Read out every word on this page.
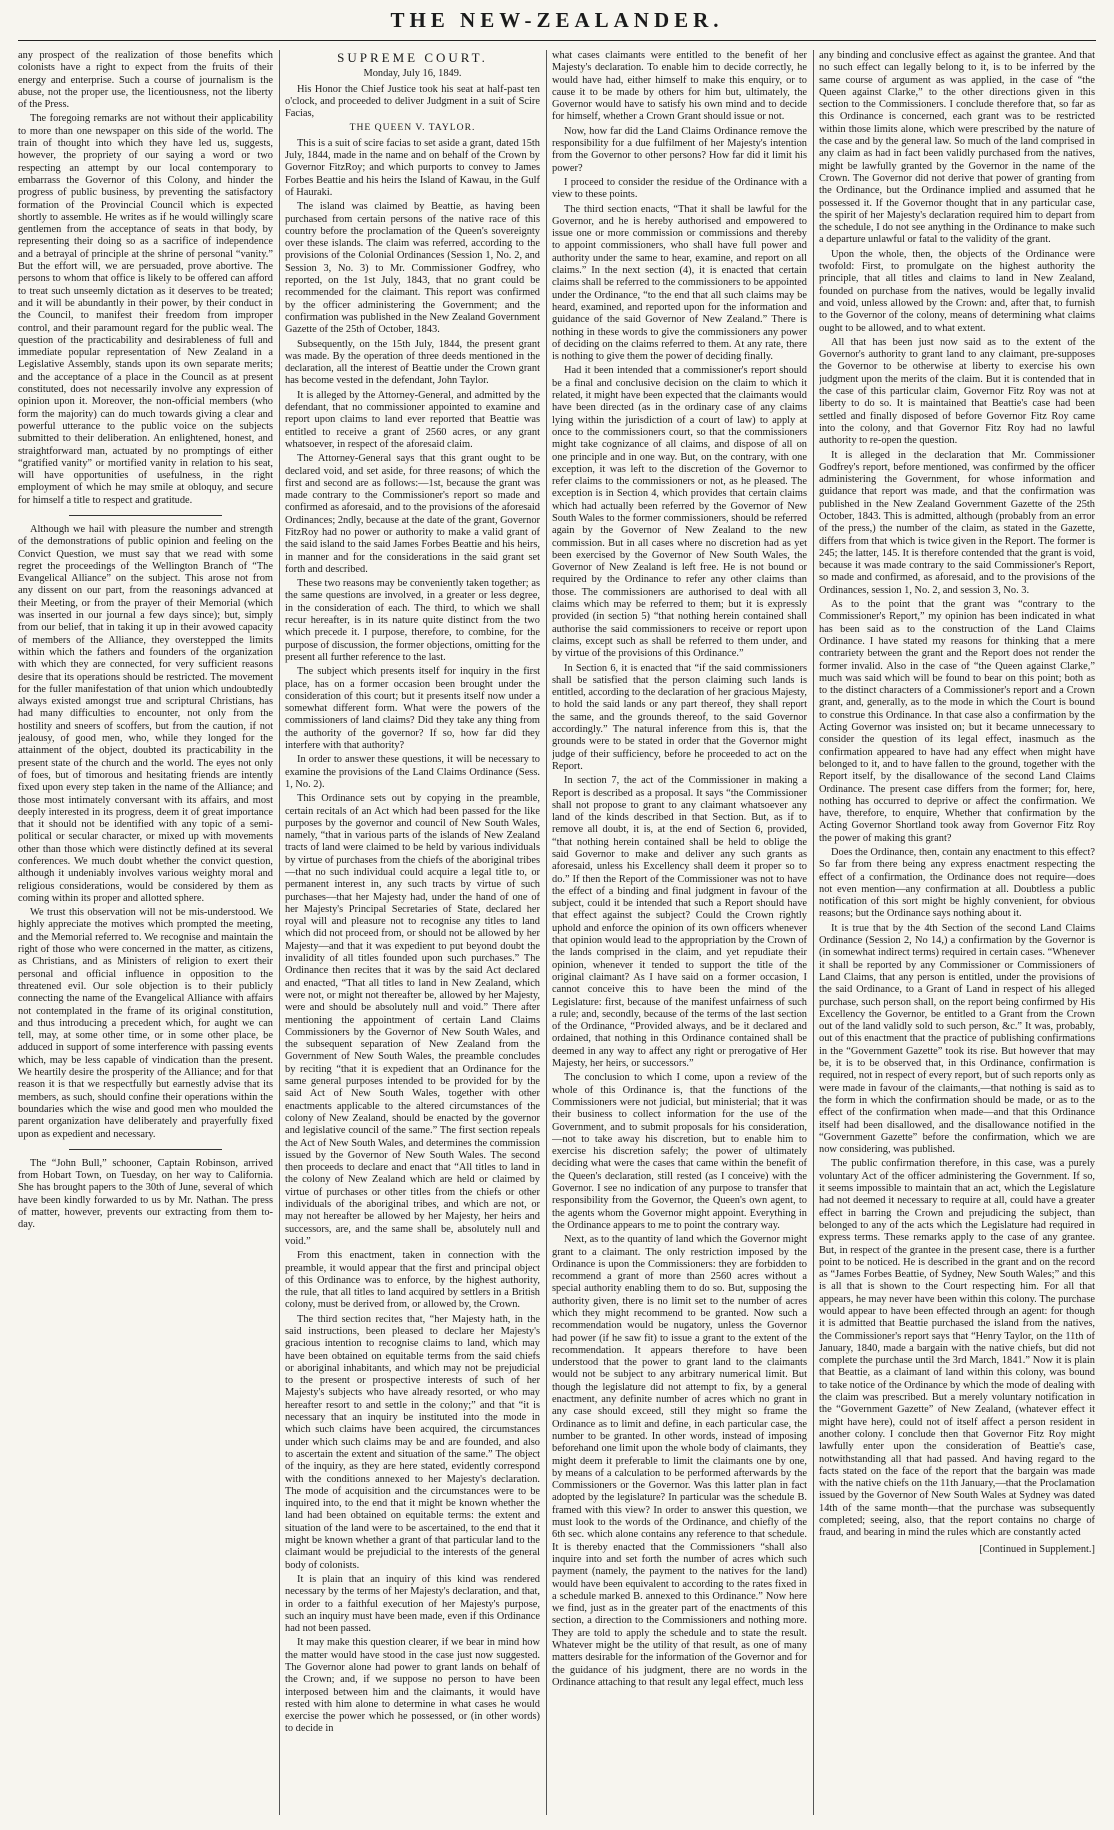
THE NEW-ZEALANDER.

any prospect of the realization of those benefits which colonists have a right to expect from the fruits of their energy and enterprise. Such a course of journalism is the abuse, not the proper use, the licentiousness, not the liberty of the Press.

The foregoing remarks are not without their applicability to more than one newspaper on this side of the world. The train of thought into which they have led us, suggests, however, the propriety of our saying a word or two respecting an attempt by our local contemporary to embarrass the Governor of this Colony, and hinder the progress of public business, by preventing the satisfactory formation of the Provincial Council which is expected shortly to assemble. He writes as if he would willingly scare gentlemen from the acceptance of seats in that body, by representing their doing so as a sacrifice of independence and a betrayal of principle at the shrine of personal “vanity.” But the effort will, we are persuaded, prove abortive. The persons to whom that office is likely to be offered can afford to treat such unseemly dictation as it deserves to be treated; and it will be abundantly in their power, by their conduct in the Council, to manifest their freedom from improper control, and their paramount regard for the public weal. The question of the practicability and desirableness of full and immediate popular representation of New Zealand in a Legislative Assembly, stands upon its own separate merits; and the acceptance of a place in the Council as at present constituted, does not necessarily involve any expression of opinion upon it. Moreover, the non-official members (who form the majority) can do much towards giving a clear and powerful utterance to the public voice on the subjects submitted to their deliberation. An enlightened, honest, and straightforward man, actuated by no promptings of either “gratified vanity” or mortified vanity in relation to his seat, will have opportunities of usefulness, in the right employment of which he may smile at obloquy, and secure for himself a title to respect and gratitude.

Although we hail with pleasure the number and strength of the demonstrations of public opinion and feeling on the Convict Question, we must say that we read with some regret the proceedings of the Wellington Branch of “The Evangelical Alliance” on the subject. This arose not from any dissent on our part, from the reasonings advanced at their Meeting, or from the prayer of their Memorial (which was inserted in our journal a few days since); but, simply from our belief, that in taking it up in their avowed capacity of members of the Alliance, they overstepped the limits within which the fathers and founders of the organization with which they are connected, for very sufficient reasons desire that its operations should be restricted. The movement for the fuller manifestation of that union which undoubtedly always existed amongst true and scriptural Christians, has had many difficulties to encounter, not only from the hostility and sneers of scoffers, but from the caution, if not jealousy, of good men, who, while they longed for the attainment of the object, doubted its practicability in the present state of the church and the world. The eyes not only of foes, but of timorous and hesitating friends are intently fixed upon every step taken in the name of the Alliance; and those most intimately conversant with its affairs, and most deeply interested in its progress, deem it of great importance that it should not be identified with any topic of a semi-political or secular character, or mixed up with movements other than those which were distinctly defined at its several conferences. We much doubt whether the convict question, although it undeniably involves various weighty moral and religious considerations, would be considered by them as coming within its proper and allotted sphere.

We trust this observation will not be mis-understood. We highly appreciate the motives which prompted the meeting, and the Memorial referred to. We recognise and maintain the right of those who were concerned in the matter, as citizens, as Christians, and as Ministers of religion to exert their personal and official influence in opposition to the threatened evil. Our sole objection is to their publicly connecting the name of the Evangelical Alliance with affairs not contemplated in the frame of its original constitution, and thus introducing a precedent which, for aught we can tell, may, at some other time, or in some other place, be adduced in support of some interference with passing events which, may be less capable of vindication than the present. We heartily desire the prosperity of the Alliance; and for that reason it is that we respectfully but earnestly advise that its members, as such, should confine their operations within the boundaries which the wise and good men who moulded the parent organization have deliberately and prayerfully fixed upon as expedient and necessary.

The “John Bull,” schooner, Captain Robinson, arrived from Hobart Town, on Tuesday, on her way to California. She has brought papers to the 30th of June, several of which have been kindly forwarded to us by Mr. Nathan. The press of matter, however, prevents our extracting from them to-day.

SUPREME COURT.
Monday, July 16, 1849.

His Honor the Chief Justice took his seat at half-past ten o'clock, and proceeded to deliver Judgment in a suit of Scire Facias,

THE QUEEN V. TAYLOR.

This is a suit of scire facias to set aside a grant, dated 15th July, 1844, made in the name and on behalf of the Crown by Governor FitzRoy; and which purports to convey to James Forbes Beattie and his heirs the Island of Kawau, in the Gulf of Hauraki.

The island was claimed by Beattie, as having been purchased from certain persons of the native race of this country before the proclamation of the Queen's sovereignty over these islands. The claim was referred, according to the provisions of the Colonial Ordinances (Session 1, No. 2, and Session 3, No. 3) to Mr. Commissioner Godfrey, who reported, on the 1st July, 1843, that no grant could be recommended for the claimant. This report was confirmed by the officer administering the Government; and the confirmation was published in the New Zealand Government Gazette of the 25th of October, 1843.

Subsequently, on the 15th July, 1844, the present grant was made. By the operation of three deeds mentioned in the declaration, all the interest of Beattie under the Crown grant has become vested in the defendant, John Taylor.

It is alleged by the Attorney-General, and admitted by the defendant, that no commissioner appointed to examine and report upon claims to land ever reported that Beattie was entitled to receive a grant of 2560 acres, or any grant whatsoever, in respect of the aforesaid claim.

The Attorney-General says that this grant ought to be declared void, and set aside, for three reasons; of which the first and second are as follows:—1st, because the grant was made contrary to the Commissioner's report so made and confirmed as aforesaid, and to the provisions of the aforesaid Ordinances; 2ndly, because at the date of the grant, Governor FitzRoy had no power or authority to make a valid grant of the said island to the said James Forbes Beattie and his heirs, in manner and for the considerations in the said grant set forth and described.

These two reasons may be conveniently taken together; as the same questions are involved, in a greater or less degree, in the consideration of each. The third, to which we shall recur hereafter, is in its nature quite distinct from the two which precede it. I purpose, therefore, to combine, for the purpose of discussion, the former objections, omitting for the present all further reference to the last.

The subject which presents itself for inquiry in the first place, has on a former occasion been brought under the consideration of this court; but it presents itself now under a somewhat different form. What were the powers of the commissioners of land claims? Did they take any thing from the authority of the governor? If so, how far did they interfere with that authority?

In order to answer these questions, it will be necessary to examine the provisions of the Land Claims Ordinance (Sess. 1, No. 2).

This Ordinance sets out by copying in the preamble, certain recitals of an Act which had been passed for the like purposes by the governor and council of New South Wales, namely, “that in various parts of the islands of New Zealand tracts of land were claimed to be held by various individuals by virtue of purchases from the chiefs of the aboriginal tribes—that no such individual could acquire a legal title to, or permanent interest in, any such tracts by virtue of such purchases—that her Majesty had, under the hand of one of her Majesty's Principal Secretaries of State, declared her royal will and pleasure not to recognise any titles to land which did not proceed from, or should not be allowed by her Majesty—and that it was expedient to put beyond doubt the invalidity of all titles founded upon such purchases.” The Ordinance then recites that it was by the said Act declared and enacted, “That all titles to land in New Zealand, which were not, or might not thereafter be, allowed by her Majesty, were and should be absolutely null and void.” There after mentioning the appointment of certain Land Claims Commissioners by the Governor of New South Wales, and the subsequent separation of New Zealand from the Government of New South Wales, the preamble concludes by reciting “that it is expedient that an Ordinance for the same general purposes intended to be provided for by the said Act of New South Wales, together with other enactments applicable to the altered circumstances of the colony of New Zealand, should be enacted by the governor and legislative council of the same.” The first section repeals the Act of New South Wales, and determines the commission issued by the Governor of New South Wales. The second then proceeds to declare and enact that “All titles to land in the colony of New Zealand which are held or claimed by virtue of purchases or other titles from the chiefs or other individuals of the aboriginal tribes, and which are not, or may not hereafter be allowed by her Majesty, her heirs and successors, are, and the same shall be, absolutely null and void.”

From this enactment, taken in connection with the preamble, it would appear that the first and principal object of this Ordinance was to enforce, by the highest authority, the rule, that all titles to land acquired by settlers in a British colony, must be derived from, or allowed by, the Crown.

The third section recites that, “her Majesty hath, in the said instructions, been pleased to declare her Majesty's gracious intention to recognise claims to land, which may have been obtained on equitable terms from the said chiefs or aboriginal inhabitants, and which may not be prejudicial to the present or prospective interests of such of her Majesty's subjects who have already resorted, or who may hereafter resort to and settle in the colony;” and that “it is necessary that an inquiry be instituted into the mode in which such claims have been acquired, the circumstances under which such claims may be and are founded, and also to ascertain the extent and situation of the same.” The object of the inquiry, as they are here stated, evidently correspond with the conditions annexed to her Majesty's declaration. The mode of acquisition and the circumstances were to be inquired into, to the end that it might be known whether the land had been obtained on equitable terms: the extent and situation of the land were to be ascertained, to the end that it might be known whether a grant of that particular land to the claimant would be prejudicial to the interests of the general body of colonists.

It is plain that an inquiry of this kind was rendered necessary by the terms of her Majesty's declaration, and that, in order to a faithful execution of her Majesty's purpose, such an inquiry must have been made, even if this Ordinance had not been passed.

It may make this question clearer, if we bear in mind how the matter would have stood in the case just now suggested. The Governor alone had power to grant lands on behalf of the Crown; and, if we suppose no person to have been interposed between him and the claimants, it would have rested with him alone to determine in what cases he would exercise the power which he possessed, or (in other words) to decide in

what cases claimants were entitled to the benefit of her Majesty's declaration. To enable him to decide correctly, he would have had, either himself to make this enquiry, or to cause it to be made by others for him but, ultimately, the Governor would have to satisfy his own mind and to decide for himself, whether a Crown Grant should issue or not.

Now, how far did the Land Claims Ordinance remove the responsibility for a due fulfilment of her Majesty's intention from the Governor to other persons? How far did it limit his power?

I proceed to consider the residue of the Ordinance with a view to these points.

The third section enacts, “That it shall be lawful for the Governor, and he is hereby authorised and empowered to issue one or more commission or commissions and thereby to appoint commissioners, who shall have full power and authority under the same to hear, examine, and report on all claims.” In the next section (4), it is enacted that certain claims shall be referred to the commissioners to be appointed under the Ordinance, “to the end that all such claims may be heard, examined, and reported upon for the information and guidance of the said Governor of New Zealand.” There is nothing in these words to give the commissioners any power of deciding on the claims referred to them. At any rate, there is nothing to give them the power of deciding finally.

Had it been intended that a commissioner's report should be a final and conclusive decision on the claim to which it related, it might have been expected that the claimants would have been directed (as in the ordinary case of any claims lying within the jurisdiction of a court of law) to apply at once to the commissioners court, so that the commissioners might take cognizance of all claims, and dispose of all on one principle and in one way. But, on the contrary, with one exception, it was left to the discretion of the Governor to refer claims to the commissioners or not, as he pleased. The exception is in Section 4, which provides that certain claims which had actually been referred by the Governor of New South Wales to the former commissioners, should be referred again by the Governor of New Zealand to the new commission. But in all cases where no discretion had as yet been exercised by the Governor of New South Wales, the Governor of New Zealand is left free. He is not bound or required by the Ordinance to refer any other claims than those. The commissioners are authorised to deal with all claims which may be referred to them; but it is expressly provided (in section 5) “that nothing herein contained shall authorise the said commissioners to receive or report upon claims, except such as shall be referred to them under, and by virtue of the provisions of this Ordinance.”

In Section 6, it is enacted that “if the said commissioners shall be satisfied that the person claiming such lands is entitled, according to the declaration of her gracious Majesty, to hold the said lands or any part thereof, they shall report the same, and the grounds thereof, to the said Governor accordingly.” The natural inference from this is, that the grounds were to be stated in order that the Governor might judge of their sufficiency, before he proceeded to act on the Report.

In section 7, the act of the Commissioner in making a Report is described as a proposal. It says “the Commissioner shall not propose to grant to any claimant whatsoever any land of the kinds described in that Section. But, as if to remove all doubt, it is, at the end of Section 6, provided, “that nothing herein contained shall be held to oblige the said Governor to make and deliver any such grants as aforesaid, unless his Excellency shall deem it proper so to do.” If then the Report of the Commissioner was not to have the effect of a binding and final judgment in favour of the subject, could it be intended that such a Report should have that effect against the subject? Could the Crown rightly uphold and enforce the opinion of its own officers whenever that opinion would lead to the appropriation by the Crown of the lands comprised in the claim, and yet repudiate their opinion, whenever it tended to support the title of the original claimant? As I have said on a former occasion, I cannot conceive this to have been the mind of the Legislature: first, because of the manifest unfairness of such a rule; and, secondly, because of the terms of the last section of the Ordinance, “Provided always, and be it declared and ordained, that nothing in this Ordinance contained shall be deemed in any way to affect any right or prerogative of Her Majesty, her heirs, or successors.”

The conclusion to which I come, upon a review of the whole of this Ordinance is, that the functions of the Commissioners were not judicial, but ministerial; that it was their business to collect information for the use of the Government, and to submit proposals for his consideration,—not to take away his discretion, but to enable him to exercise his discretion safely; the power of ultimately deciding what were the cases that came within the benefit of the Queen's declaration, still rested (as I conceive) with the Governor. I see no indication of any purpose to transfer that responsibility from the Governor, the Queen's own agent, to the agents whom the Governor might appoint. Everything in the Ordinance appears to me to point the contrary way.

Next, as to the quantity of land which the Governor might grant to a claimant. The only restriction imposed by the Ordinance is upon the Commissioners: they are forbidden to recommend a grant of more than 2560 acres without a special authority enabling them to do so. But, supposing the authority given, there is no limit set to the number of acres which they might recommend to be granted. Now such a recommendation would be nugatory, unless the Governor had power (if he saw fit) to issue a grant to the extent of the recommendation. It appears therefore to have been understood that the power to grant land to the claimants would not be subject to any arbitrary numerical limit. But though the legislature did not attempt to fix, by a general enactment, any definite number of acres which no grant in any case should exceed, still they might so frame the Ordinance as to limit and define, in each particular case, the number to be granted. In other words, instead of imposing beforehand one limit upon the whole body of claimants, they might deem it preferable to limit the claimants one by one, by means of a calculation to be performed afterwards by the Commissioners or the Governor. Was this latter plan in fact adopted by the legislature? In particular was the schedule B. framed with this view? In order to answer this question, we must look to the words of the Ordinance, and chiefly of the 6th sec. which alone contains any reference to that schedule. It is thereby enacted that the Commissioners “shall also inquire into and set forth the number of acres which such payment (namely, the payment to the natives for the land) would have been equivalent to according to the rates fixed in a schedule marked B. annexed to this Ordinance.” Now here we find, just as in the greater part of the enactments of this section, a direction to the Commissioners and nothing more. They are told to apply the schedule and to state the result. Whatever might be the utility of that result, as one of many matters desirable for the information of the Governor and for the guidance of his judgment, there are no words in the Ordinance attaching to that result any legal effect, much less

any binding and conclusive effect as against the grantee. And that no such effect can legally belong to it, is to be inferred by the same course of argument as was applied, in the case of “the Queen against Clarke,” to the other directions given in this section to the Commissioners. I conclude therefore that, so far as this Ordinance is concerned, each grant was to be restricted within those limits alone, which were prescribed by the nature of the case and by the general law. So much of the land comprised in any claim as had in fact been validly purchased from the natives, might be lawfully granted by the Governor in the name of the Crown. The Governor did not derive that power of granting from the Ordinance, but the Ordinance implied and assumed that he possessed it. If the Governor thought that in any particular case, the spirit of her Majesty's declaration required him to depart from the schedule, I do not see anything in the Ordinance to make such a departure unlawful or fatal to the validity of the grant.

Upon the whole, then, the objects of the Ordinance were twofold: First, to promulgate on the highest authority the principle, that all titles and claims to land in New Zealand, founded on purchase from the natives, would be legally invalid and void, unless allowed by the Crown: and, after that, to furnish to the Governor of the colony, means of determining what claims ought to be allowed, and to what extent.

All that has been just now said as to the extent of the Governor's authority to grant land to any claimant, pre-supposes the Governor to be otherwise at liberty to exercise his own judgment upon the merits of the claim. But it is contended that in the case of this particular claim, Governor Fitz Roy was not at liberty to do so. It is maintained that Beattie's case had been settled and finally disposed of before Governor Fitz Roy came into the colony, and that Governor Fitz Roy had no lawful authority to re-open the question.

It is alleged in the declaration that Mr. Commissioner Godfrey's report, before mentioned, was confirmed by the officer administering the Government, for whose information and guidance that report was made, and that the confirmation was published in the New Zealand Government Gazette of the 25th October, 1843. This is admitted, although (probably from an error of the press,) the number of the claim, as stated in the Gazette, differs from that which is twice given in the Report. The former is 245; the latter, 145. It is therefore contended that the grant is void, because it was made contrary to the said Commissioner's Report, so made and confirmed, as aforesaid, and to the provisions of the Ordinances, session 1, No. 2, and session 3, No. 3.

As to the point that the grant was “contrary to the Commissioner's Report,” my opinion has been indicated in what has been said as to the construction of the Land Claims Ordinance. I have stated my reasons for thinking that a mere contrariety between the grant and the Report does not render the former invalid. Also in the case of “the Queen against Clarke,” much was said which will be found to bear on this point; both as to the distinct characters of a Commissioner's report and a Crown grant, and, generally, as to the mode in which the Court is bound to construe this Ordinance. In that case also a confirmation by the Acting Governor was insisted on; but it became unnecessary to consider the question of its legal effect, inasmuch as the confirmation appeared to have had any effect when might have belonged to it, and to have fallen to the ground, together with the Report itself, by the disallowance of the second Land Claims Ordinance. The present case differs from the former; for, here, nothing has occurred to deprive or affect the confirmation. We have, therefore, to enquire, Whether that confirmation by the Acting Governor Shortland took away from Governor Fitz Roy the power of making this grant?

Does the Ordinance, then, contain any enactment to this effect? So far from there being any express enactment respecting the effect of a confirmation, the Ordinance does not require—does not even mention—any confirmation at all. Doubtless a public notification of this sort might be highly convenient, for obvious reasons; but the Ordinance says nothing about it.

It is true that by the 4th Section of the second Land Claims Ordinance (Session 2, No 14,) a confirmation by the Governor is (in somewhat indirect terms) required in certain cases. “Whenever it shall be reported by any Commissioner or Commissioners of Land Claims, that any person is entitled, under the provisions of the said Ordinance, to a Grant of Land in respect of his alleged purchase, such person shall, on the report being confirmed by His Excellency the Governor, be entitled to a Grant from the Crown out of the land validly sold to such person, &c.” It was, probably, out of this enactment that the practice of publishing confirmations in the “Government Gazette” took its rise. But however that may be, it is to be observed that, in this Ordinance, confirmation is required, not in respect of every report, but of such reports only as were made in favour of the claimants,—that nothing is said as to the form in which the confirmation should be made, or as to the effect of the confirmation when made—and that this Ordinance itself had been disallowed, and the disallowance notified in the “Government Gazette” before the confirmation, which we are now considering, was published.

The public confirmation therefore, in this case, was a purely voluntary Act of the officer administering the Government. If so, it seems impossible to maintain that an act, which the Legislature had not deemed it necessary to require at all, could have a greater effect in barring the Crown and prejudicing the subject, than belonged to any of the acts which the Legislature had required in express terms. These remarks apply to the case of any grantee. But, in respect of the grantee in the present case, there is a further point to be noticed. He is described in the grant and on the record as “James Forbes Beattie, of Sydney, New South Wales;” and this is all that is shown to the Court respecting him. For all that appears, he may never have been within this colony. The purchase would appear to have been effected through an agent: for though it is admitted that Beattie purchased the island from the natives, the Commissioner's report says that “Henry Taylor, on the 11th of January, 1840, made a bargain with the native chiefs, but did not complete the purchase until the 3rd March, 1841.” Now it is plain that Beattie, as a claimant of land within this colony, was bound to take notice of the Ordinance by which the mode of dealing with the claim was prescribed. But a merely voluntary notification in the “Government Gazette” of New Zealand, (whatever effect it might have here), could not of itself affect a person resident in another colony. I conclude then that Governor Fitz Roy might lawfully enter upon the consideration of Beattie's case, notwithstanding all that had passed. And having regard to the facts stated on the face of the report that the bargain was made with the native chiefs on the 11th January,—that the Proclamation issued by the Governor of New South Wales at Sydney was dated 14th of the same month—that the purchase was subsequently completed; seeing, also, that the report contains no charge of fraud, and bearing in mind the rules which are constantly acted

[Continued in Supplement.]
